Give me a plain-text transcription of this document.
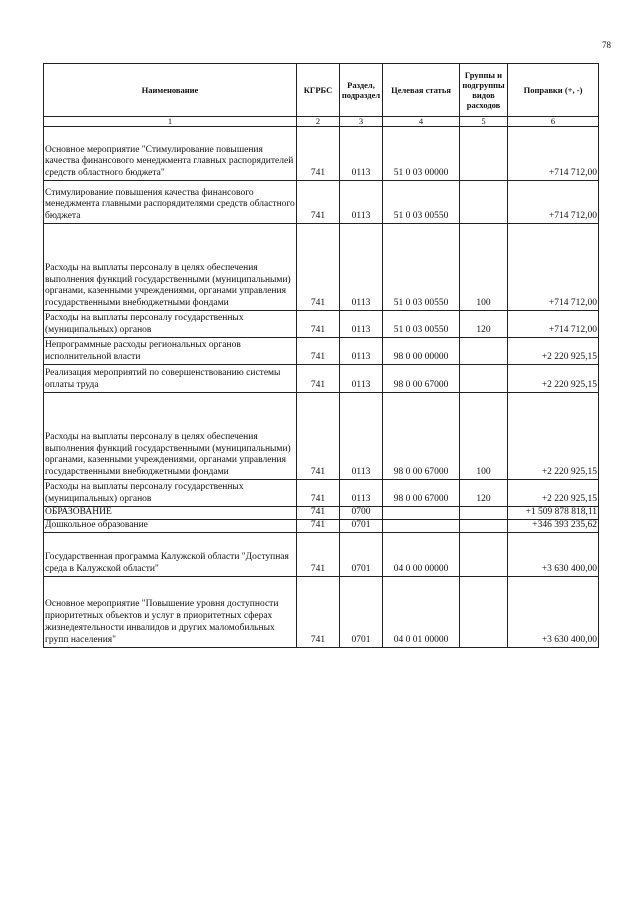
78
Наименование	КГРБС	Раздел, подраздел	Целевая статья	Группы и подгруппы видов расходов	Поправки (+, -)
1	2	3	4	5	6
Основное мероприятие "Стимулирование повышения качества финансового менеджмента главных распорядителей средств областного бюджета"	741	0113	51 0 03 00000		+714 712,00
Стимулирование повышения качества финансового менеджмента главными распорядителями средств областного бюджета	741	0113	51 0 03 00550		+714 712,00
Расходы на выплаты персоналу в целях обеспечения выполнения функций государственными (муниципальными) органами, казенными учреждениями, органами управления государственными внебюджетными фондами	741	0113	51 0 03 00550	100	+714 712,00
Расходы на выплаты персоналу государственных (муниципальных) органов	741	0113	51 0 03 00550	120	+714 712,00
Непрограммные расходы региональных органов исполнительной власти	741	0113	98 0 00 00000		+2 220 925,15
Реализация мероприятий по совершенствованию системы оплаты труда	741	0113	98 0 00 67000		+2 220 925,15
Расходы на выплаты персоналу в целях обеспечения выполнения функций государственными (муниципальными) органами, казенными учреждениями, органами управления государственными внебюджетными фондами	741	0113	98 0 00 67000	100	+2 220 925,15
Расходы на выплаты персоналу государственных (муниципальных) органов	741	0113	98 0 00 67000	120	+2 220 925,15
ОБРАЗОВАНИЕ	741	0700			+1 509 878 818,11
Дошкольное образование	741	0701			+346 393 235,62
Государственная программа Калужской области "Доступная среда в Калужской области"	741	0701	04 0 00 00000		+3 630 400,00
Основное мероприятие "Повышение уровня доступности приоритетных объектов и услуг в приоритетных сферах жизнедеятельности инвалидов и других маломобильных групп населения"	741	0701	04 0 01 00000		+3 630 400,00
